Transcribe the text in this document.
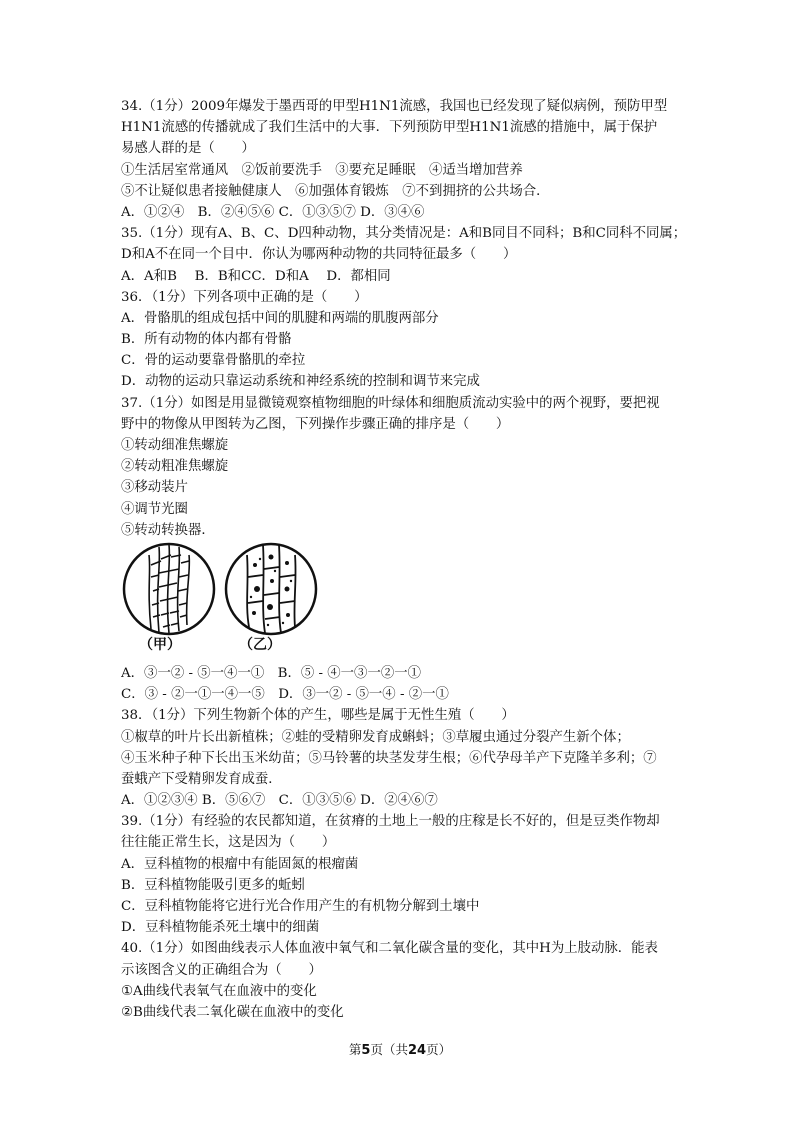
34.（1分）2009年爆发于墨西哥的甲型H1N1流感，我国也已经发现了疑似病例，预防甲型
H1N1流感的传播就成了我们生活中的大事．下列预防甲型H1N1流感的措施中，属于保护
易感人群的是（　　）
①生活居室常通风　②饭前要洗手　③要充足睡眠　④适当增加营养
⑤不让疑似患者接触健康人　⑥加强体育锻炼　⑦不到拥挤的公共场合．
A．①②④　B．②④⑤⑥ C．①③⑤⑦ D．③④⑥
35.（1分）现有A、B、C、D四种动物，其分类情况是：A和B同目不同科；B和C同科不同属；
D和A不在同一个目中．你认为哪两种动物的共同特征最多（　　）
A．A和B　 B．B和CC．D和A　 D．都相同
36．（1分）下列各项中正确的是（　　）
A．骨骼肌的组成包括中间的肌腱和两端的肌腹两部分
B．所有动物的体内都有骨骼
C．骨的运动要靠骨骼肌的牵拉
D．动物的运动只靠运动系统和神经系统的控制和调节来完成
37.（1分）如图是用显微镜观察植物细胞的叶绿体和细胞质流动实验中的两个视野，要把视
野中的物像从甲图转为乙图，下列操作步骤正确的排序是（　　）
①转动细准焦螺旋
②转动粗准焦螺旋
③移动装片
④调节光圈
⑤转动转换器．
（甲）	（乙）
A．③一② - ⑤一④一①　B．⑤ - ④一③一②一①
C．③ - ②一①一④一⑤　D．③一② - ⑤一④ - ②一①
38．（1分）下列生物新个体的产生，哪些是属于无性生殖（　　）
①椒草的叶片长出新植株；②蛙的受精卵发育成蝌蚪；③草履虫通过分裂产生新个体；
④玉米种子种下长出玉米幼苗；⑤马铃薯的块茎发芽生根；⑥代孕母羊产下克隆羊多利；⑦
蚕蛾产下受精卵发育成蚕．
A．①②③④ B．⑤⑥⑦　C．①③⑤⑥ D．②④⑥⑦
39.（1分）有经验的农民都知道，在贫瘠的土地上一般的庄稼是长不好的，但是豆类作物却
往往能正常生长，这是因为（　　）
A．豆科植物的根瘤中有能固氮的根瘤菌
B．豆科植物能吸引更多的蚯蚓
C．豆科植物能将它进行光合作用产生的有机物分解到土壤中
D．豆科植物能杀死土壤中的细菌
40.（1分）如图曲线表示人体血液中氧气和二氧化碳含量的变化，其中H为上肢动脉．能表
示该图含义的正确组合为（　　）
①A曲线代表氧气在血液中的变化
②B曲线代表二氧化碳在血液中的变化
第5页（共24页）
